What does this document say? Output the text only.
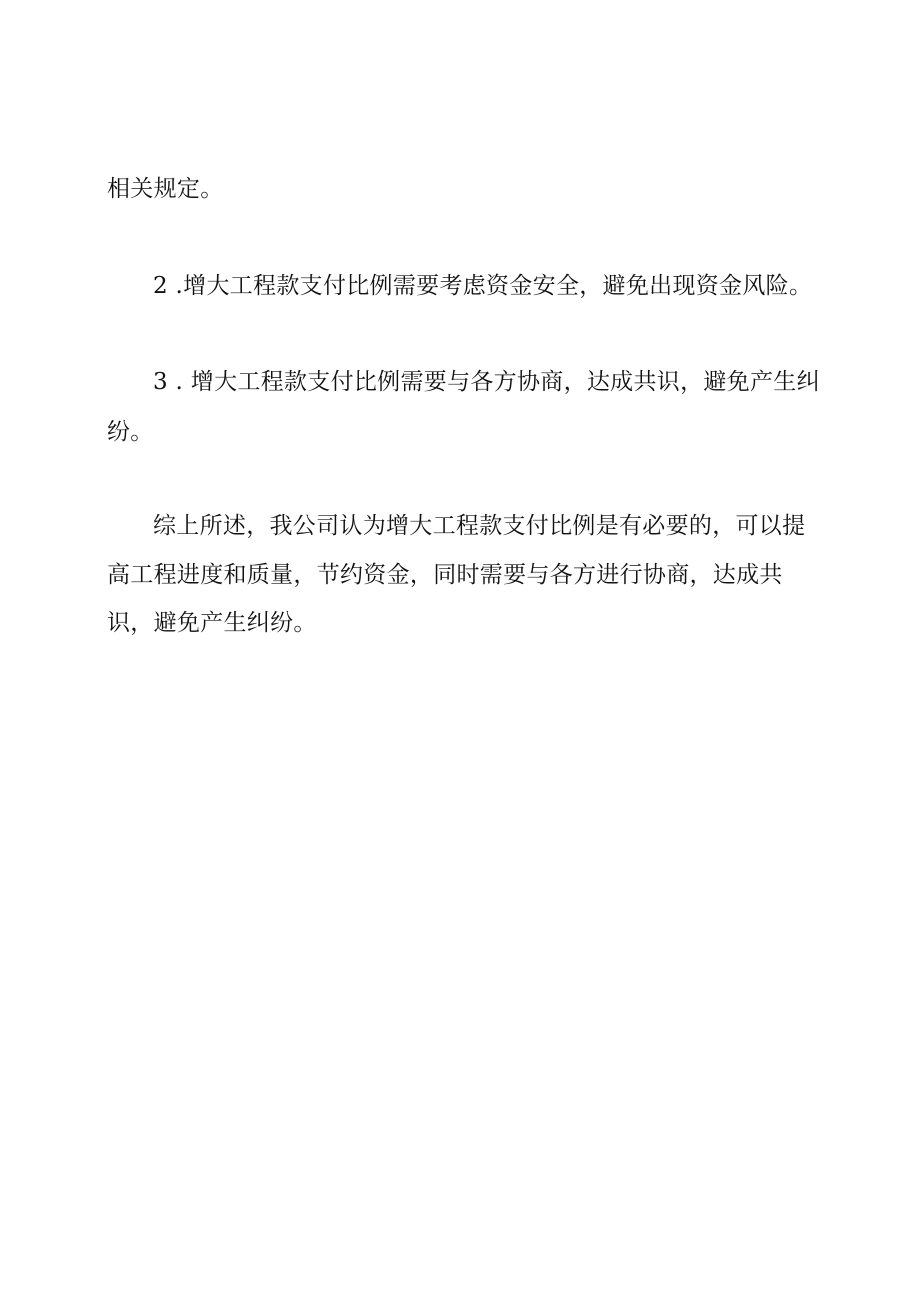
相关规定。
2 .增大工程款支付比例需要考虑资金安全，避免出现资金风险。
3 . 增大工程款支付比例需要与各方协商，达成共识，避免产生纠
纷。
综上所述，我公司认为增大工程款支付比例是有必要的，可以提
高工程进度和质量，节约资金，同时需要与各方进行协商，达成共
识，避免产生纠纷。
